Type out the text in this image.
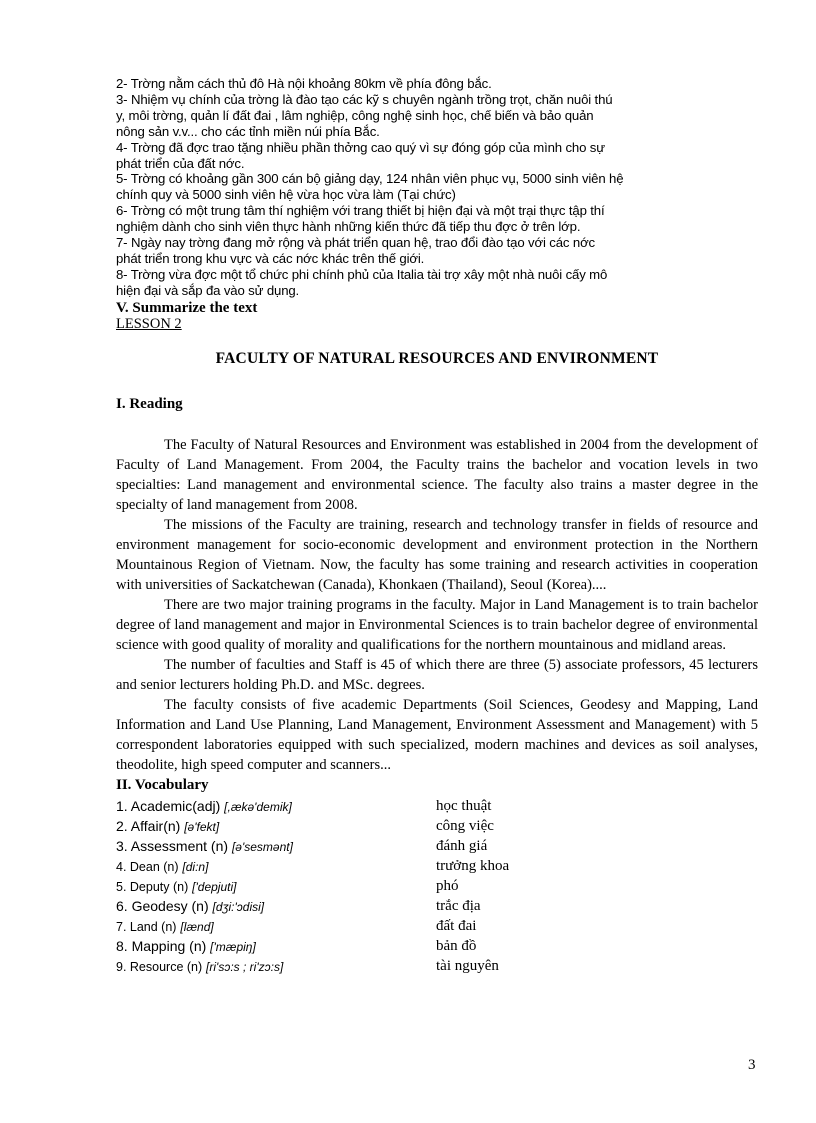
2- Trờng nằm cách thủ đô Hà nội khoảng 80km về phía đông bắc.
3- Nhiệm vụ chính của trờng là đào tạo các kỹ s chuyên ngành trồng trọt, chăn nuôi thú
y, môi trờng, quản lí đất đai , lâm nghiệp, công nghệ sinh học, chế biến và bảo quản
nông sản v.v... cho các tỉnh miền núi phía Bắc.
4- Trờng đã đợc trao tặng nhiều phần thởng cao quý vì sự đóng góp của mình cho sự
phát triển của đất nớc.
5- Trờng có khoảng gần 300 cán bộ giảng dạy, 124 nhân viên phục vụ, 5000 sinh viên hệ
chính quy và 5000 sinh viên hệ vừa học vừa làm (Tại chức)
6- Trờng có một trung tâm thí nghiệm với trang thiết bị hiện đại và một trại thực tập thí
nghiệm dành cho sinh viên thực hành những kiến thức đã tiếp thu đợc ở trên lớp.
7- Ngày nay trờng đang mở rộng và phát triển quan hệ, trao đổi đào tạo với các nớc
phát triển trong khu vực và các nớc khác trên thế giới.
8- Trờng vừa đợc một tổ chức phi chính phủ của Italia tài trợ xây một nhà nuôi cấy mô
hiện đại và sắp đa vào sử dụng.
V. Summarize the text
LESSON 2
FACULTY OF NATURAL RESOURCES AND ENVIRONMENT
I. Reading

The Faculty of Natural Resources and Environment was established in 2004 from the development of Faculty of Land Management. From 2004, the Faculty trains the bachelor and vocation levels in two specialties: Land management and environmental science. The faculty also trains a master degree in the specialty of land management from 2008.

The missions of the Faculty are training, research and technology transfer in fields of resource and environment management for socio-economic development and environment protection in the Northern Mountainous Region of Vietnam. Now, the faculty has some training and research activities in cooperation with universities of Sackatchewan (Canada), Khonkaen (Thailand), Seoul (Korea)....

There are two major training programs in the faculty. Major in Land Management is to train bachelor degree of land management and major in Environmental Sciences is to train bachelor degree of environmental science with good quality of morality and qualifications for the northern mountainous and midland areas.

The number of faculties and Staff is 45 of which there are three (5) associate professors, 45 lecturers and senior lecturers holding Ph.D. and MSc. degrees.

The faculty consists of five academic Departments (Soil Sciences, Geodesy and Mapping, Land Information and Land Use Planning, Land Management, Environment Assessment and Management) with 5 correspondent laboratories equipped with such specialized, modern machines and devices as soil analyses, theodolite, high speed computer and scanners...

II. Vocabulary
1. Academic(adj) [,ækə'demik]	học thuật
2. Affair(n) [ə'fekt]	công việc
3. Assessment (n) [ə'sesmənt]	đánh giá
4. Dean (n) [di:n]	trưởng khoa
5. Deputy (n) ['depjuti]	phó
6. Geodesy (n) [dʒi:'ɔdisi]	trắc địa
7. Land (n) [lænd]	đất đai
8. Mapping (n) ['mæpiŋ]	bản đồ
9. Resource (n) [ri'sɔ:s ; ri'zɔ:s]	tài nguyên
3
